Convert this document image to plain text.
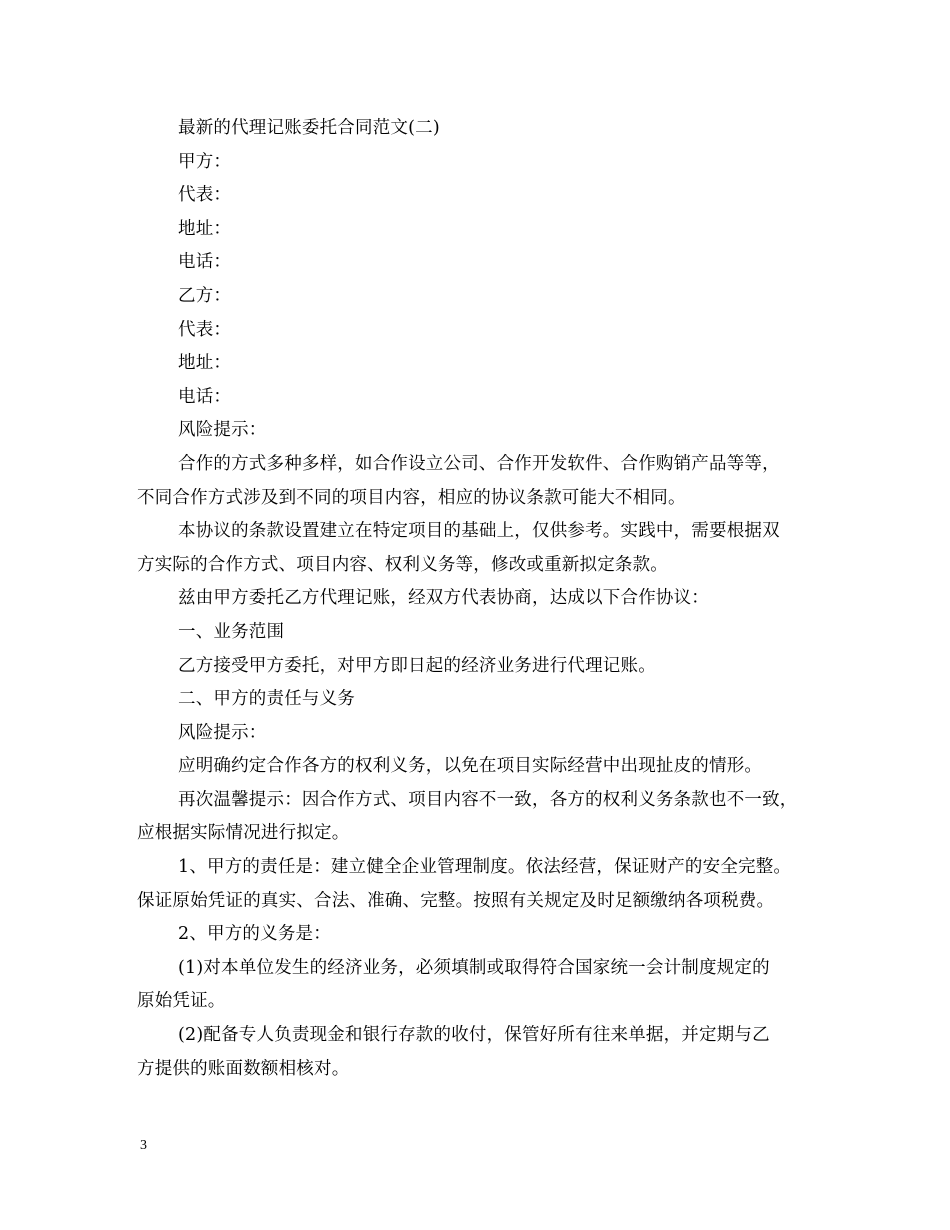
最新的代理记账委托合同范文(二)
甲方：
代表：
地址：
电话：
乙方：
代表：
地址：
电话：
风险提示：
合作的方式多种多样，如合作设立公司、合作开发软件、合作购销产品等等，
不同合作方式涉及到不同的项目内容，相应的协议条款可能大不相同。
本协议的条款设置建立在特定项目的基础上，仅供参考。实践中，需要根据双
方实际的合作方式、项目内容、权利义务等，修改或重新拟定条款。
兹由甲方委托乙方代理记账，经双方代表协商，达成以下合作协议：
一、业务范围
乙方接受甲方委托，对甲方即日起的经济业务进行代理记账。
二、甲方的责任与义务
风险提示：
应明确约定合作各方的权利义务，以免在项目实际经营中出现扯皮的情形。
再次温馨提示：因合作方式、项目内容不一致，各方的权利义务条款也不一致，
应根据实际情况进行拟定。
1、甲方的责任是：建立健全企业管理制度。依法经营，保证财产的安全完整。
保证原始凭证的真实、合法、准确、完整。按照有关规定及时足额缴纳各项税费。
2、甲方的义务是：
(1)对本单位发生的经济业务，必须填制或取得符合国家统一会计制度规定的
原始凭证。
(2)配备专人负责现金和银行存款的收付，保管好所有往来单据，并定期与乙
方提供的账面数额相核对。
3
